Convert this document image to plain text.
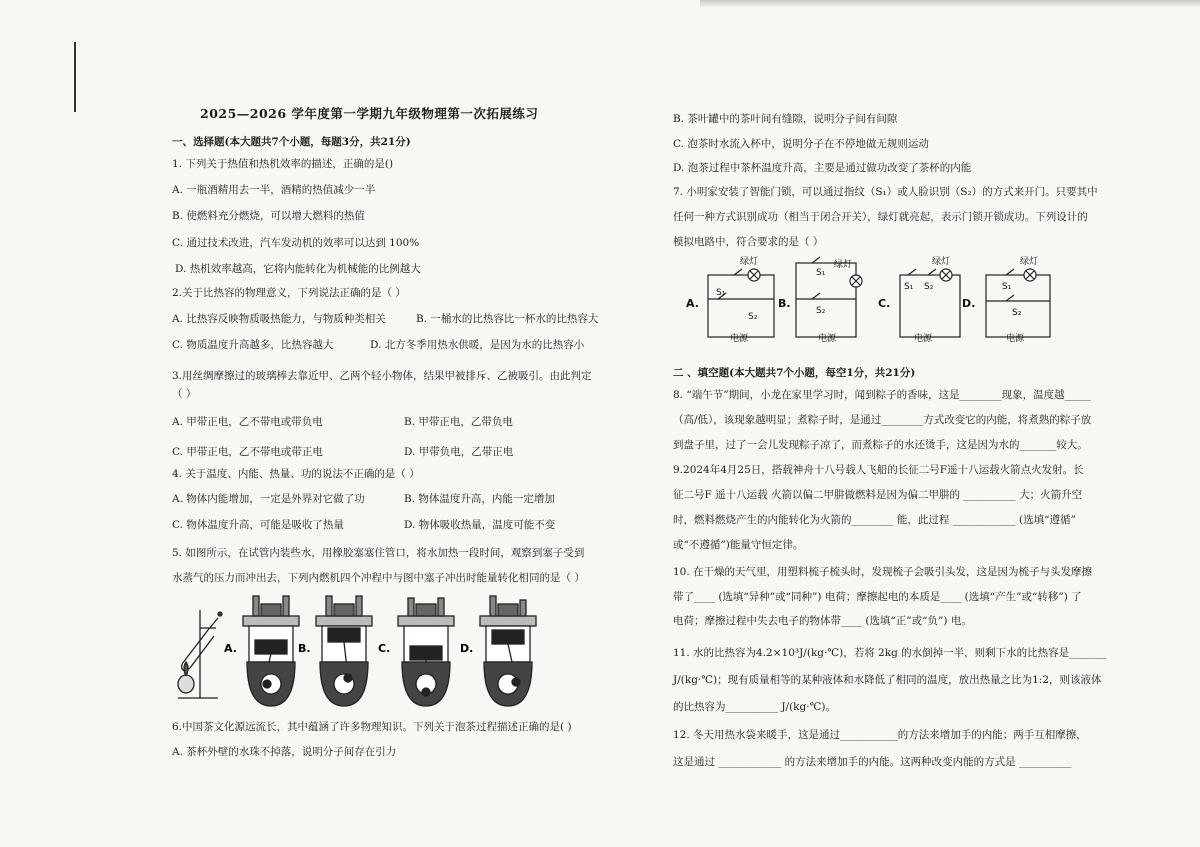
2025—2026 学年度第一学期九年级物理第一次拓展练习
一、选择题(本大题共7个小题，每题3分，共21分)
1. 下列关于热值和热机效率的描述，正确的是()
A. 一瓶酒精用去一半，酒精的热值减少一半
B. 使燃料充分燃烧，可以增大燃料的热值
C. 通过技术改进，汽车发动机的效率可以达到 100%
D. 热机效率越高，它将内能转化为机械能的比例越大
2.关于比热容的物理意义，下列说法正确的是（ ）
A. 比热容反映物质吸热能力，与物质种类相关	B. 一桶水的比热容比一杯水的比热容大
C. 物质温度升高越多，比热容越大	D. 北方冬季用热水供暖，是因为水的比热容小
3.用丝绸摩擦过的玻璃棒去靠近甲、乙两个轻小物体，结果甲被排斥、乙被吸引。由此判定
（ ）
A. 甲带正电，乙不带电或带负电	B. 甲带正电，乙带负电
C. 甲带正电，乙不带电或带正电	D. 甲带负电，乙带正电
4. 关于温度、内能、热量、功的说法不正确的是（ ）
A. 物体内能增加，一定是外界对它做了功	B. 物体温度升高，内能一定增加
C. 物体温度升高，可能是吸收了热量	D. 物体吸收热量，温度可能不变
5. 如图所示，在试管内装些水，用橡胶塞塞住管口，将水加热一段时间，观察到塞子受到
水蒸气的压力而冲出去，下列内燃机四个冲程中与图中塞子冲出时能量转化相同的是（ ）
A.	B.	C.	D.
6.中国茶文化源远流长，其中蕴涵了许多物理知识。下列关于泡茶过程描述正确的是( )
A. 茶杯外壁的水珠不掉落，说明分子间存在引力
B. 茶叶罐中的茶叶间有缝隙，说明分子间有间隙
C. 泡茶时水流入杯中，说明分子在不停地做无规则运动
D. 泡茶过程中茶杯温度升高，主要是通过做功改变了茶杯的内能
7. 小明家安装了智能门锁，可以通过指纹（S₁）或人脸识别（S₂）的方式来开门。只要其中
任何一种方式识别成功（相当于闭合开关），绿灯就亮起，表示门锁开锁成功。下列设计的
模拟电路中，符合要求的是（ ）
A.	B.	C.	D.
绿灯
S₁
S₂
电源
S₁
S₂
绿灯
电源
S₁ S₂
绿灯
电源
绿灯
S₁
S₂
电源
二 、填空题(本大题共7个小题，每空1分，共21分)
8. “端午节”期间，小龙在家里学习时，闻到粽子的香味，这是________现象，温度越_____
（高/低），该现象越明显；煮粽子时，是通过________方式改变它的内能，将煮熟的粽子放
到盘子里，过了一会儿发现粽子凉了，而煮粽子的水还烫手，这是因为水的_______较大。
9.2024年4月25日，搭载神舟十八号载人飞船的长征二号F遥十八运载火箭点火发射。长
征二号F 遥十八运载 火箭以偏二甲肼做燃料是因为偏二甲肼的 __________ 大；火箭升空
时，燃料燃烧产生的内能转化为火箭的________ 能，此过程 ____________ (选填“遵循”
或“不遵循”)能量守恒定律。
10. 在干燥的天气里，用塑料梳子梳头时，发现梳子会吸引头发，这是因为梳子与头发摩擦
带了____ (选填“异种”或“同种”) 电荷；摩擦起电的本质是____ (选填“产生”或“转移”) 了
电荷；摩擦过程中失去电子的物体带____ (选填“正”或“负”) 电。
11. 水的比热容为4.2×10³J/(kg·℃)，若将 2kg 的水倒掉一半，则剩下水的比热容是_______
J/(kg·℃)；现有质量相等的某种液体和水降低了相同的温度，放出热量之比为1:2，则该液体
的比热容为__________ J/(kg·℃)。
12. 冬天用热水袋来暖手，这是通过___________的方法来增加手的内能；两手互相摩擦，
这是通过 ____________ 的方法来增加手的内能。这两种改变内能的方式是 __________
